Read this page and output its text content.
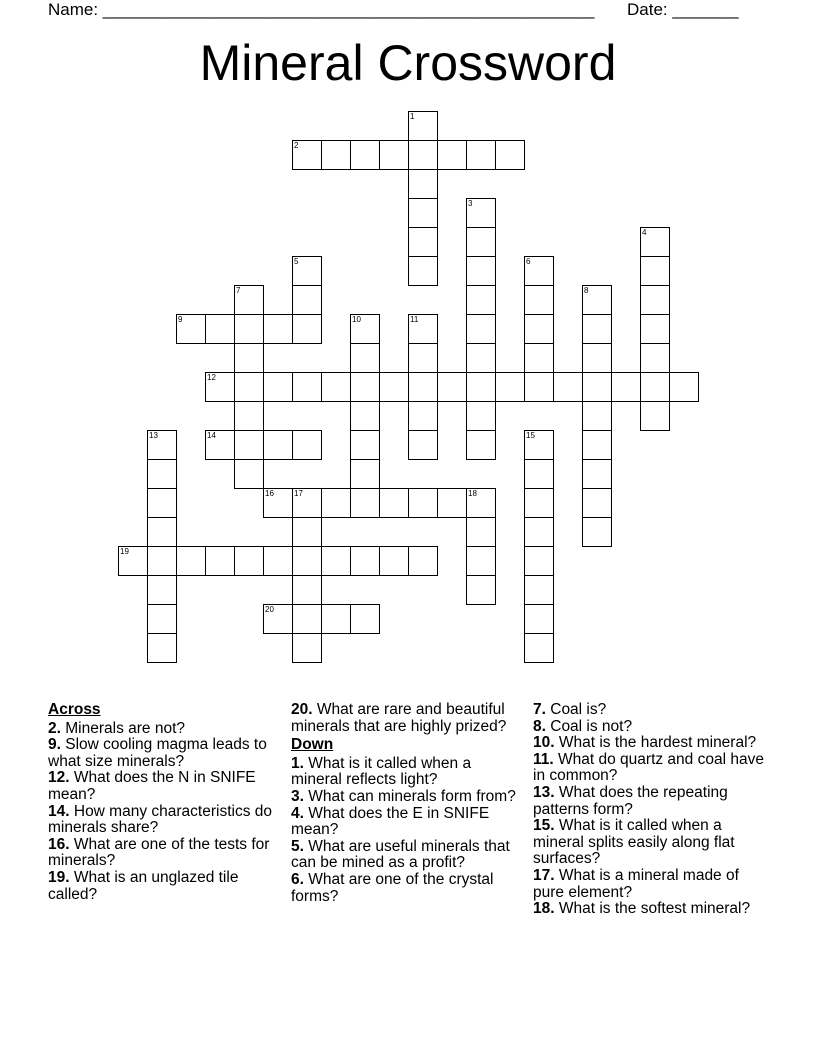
Name: ____________________________________________________ Date: _______
Mineral Crossword
1
2
3
4
5	6
7	8
9	10	11
12
13	14	15
16	17	18
19
20
Across
2. Minerals are not?
9. Slow cooling magma leads to what size minerals?
12. What does the N in SNIFE mean?
14. How many characteristics do minerals share?
16. What are one of the tests for minerals?
19. What is an unglazed tile called?
20. What are rare and beautiful minerals that are highly prized?
Down
1. What is it called when a mineral reflects light?
3. What can minerals form from?
4. What does the E in SNIFE mean?
5. What are useful minerals that can be mined as a profit?
6. What are one of the crystal forms?
7. Coal is?
8. Coal is not?
10. What is the hardest mineral?
11. What do quartz and coal have in common?
13. What does the repeating patterns form?
15. What is it called when a mineral splits easily along flat surfaces?
17. What is a mineral made of pure element?
18. What is the softest mineral?
